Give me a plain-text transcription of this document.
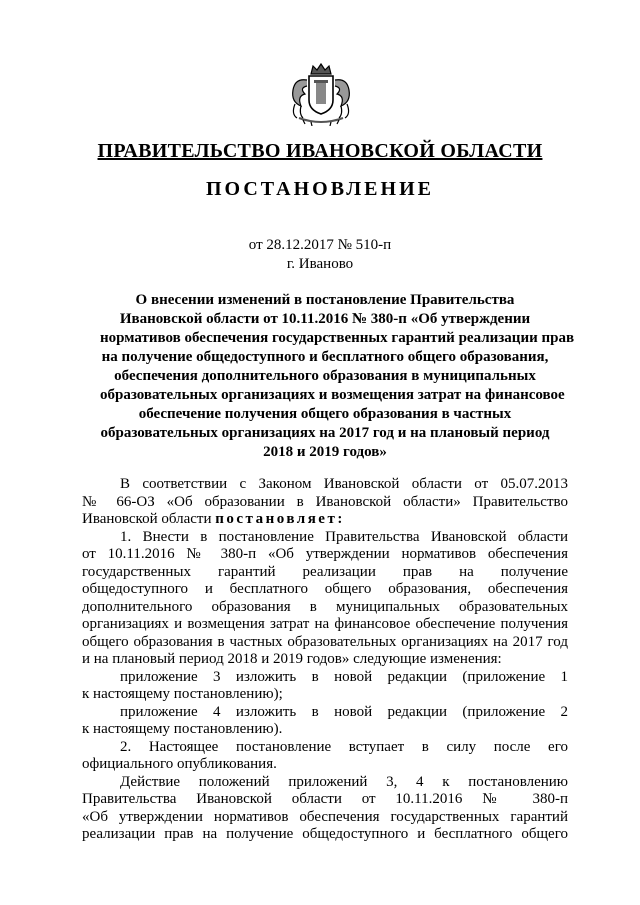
ПРАВИТЕЛЬСТВО ИВАНОВСКОЙ ОБЛАСТИ
ПОСТАНОВЛЕНИЕ
от 28.12.2017 № 510-п
г. Иваново
О внесении изменений в постановление Правительства
Ивановской области от 10.11.2016 № 380-п «Об утверждении
нормативов обеспечения государственных гарантий реализации прав
на получение общедоступного и бесплатного общего образования,
обеспечения дополнительного образования в муниципальных
образовательных организациях и возмещения затрат на финансовое
обеспечение получения общего образования в частных
образовательных организациях на 2017 год и на плановый период
2018 и 2019 годов»
В соответствии с Законом Ивановской области от 05.07.2013
№ 66-ОЗ «Об образовании в Ивановской области» Правительство
Ивановской области постановляет:
1. Внести в постановление Правительства Ивановской области
от 10.11.2016 № 380-п «Об утверждении нормативов обеспечения
государственных гарантий реализации прав на получение
общедоступного и бесплатного общего образования, обеспечения
дополнительного образования в муниципальных образовательных
организациях и возмещения затрат на финансовое обеспечение получения
общего образования в частных образовательных организациях на 2017 год
и на плановый период 2018 и 2019 годов» следующие изменения:
приложение 3 изложить в новой редакции (приложение 1
к настоящему постановлению);
приложение 4 изложить в новой редакции (приложение 2
к настоящему постановлению).
2. Настоящее постановление вступает в силу после его
официального опубликования.
Действие положений приложений 3, 4 к постановлению
Правительства Ивановской области от 10.11.2016 № 380-п
«Об утверждении нормативов обеспечения государственных гарантий
реализации прав на получение общедоступного и бесплатного общего
